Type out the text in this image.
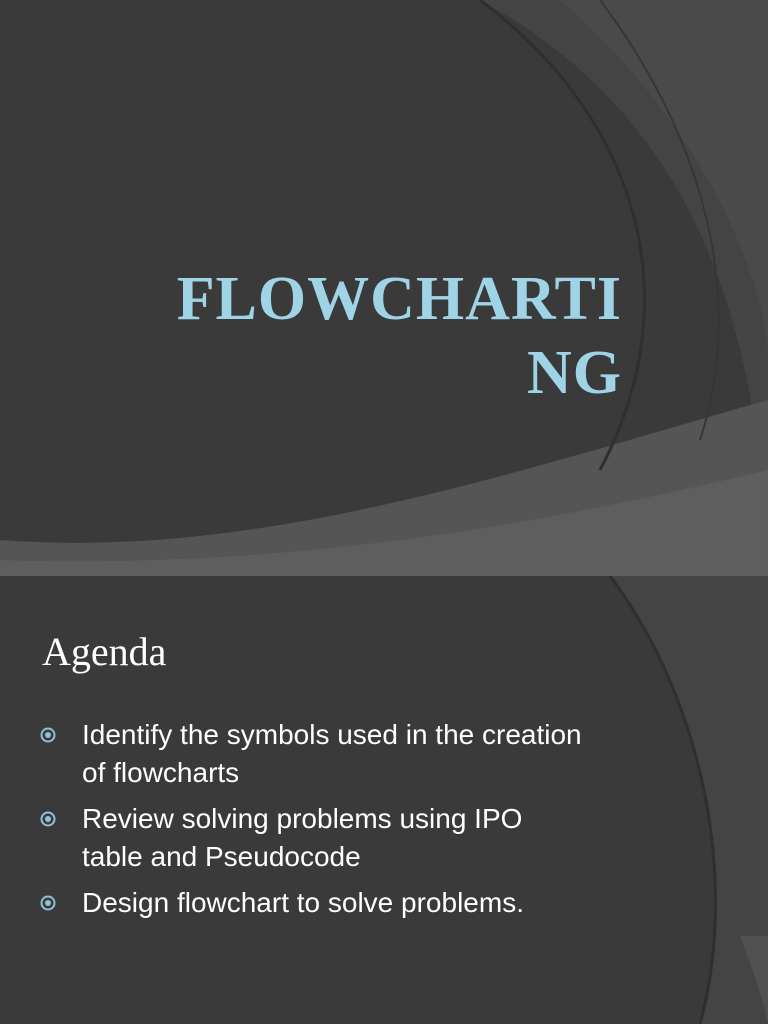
FLOWCHARTI
NG
Agenda
Identify the symbols used in the creation
of flowcharts
Review solving problems using IPO
table and Pseudocode
Design flowchart to solve problems.
